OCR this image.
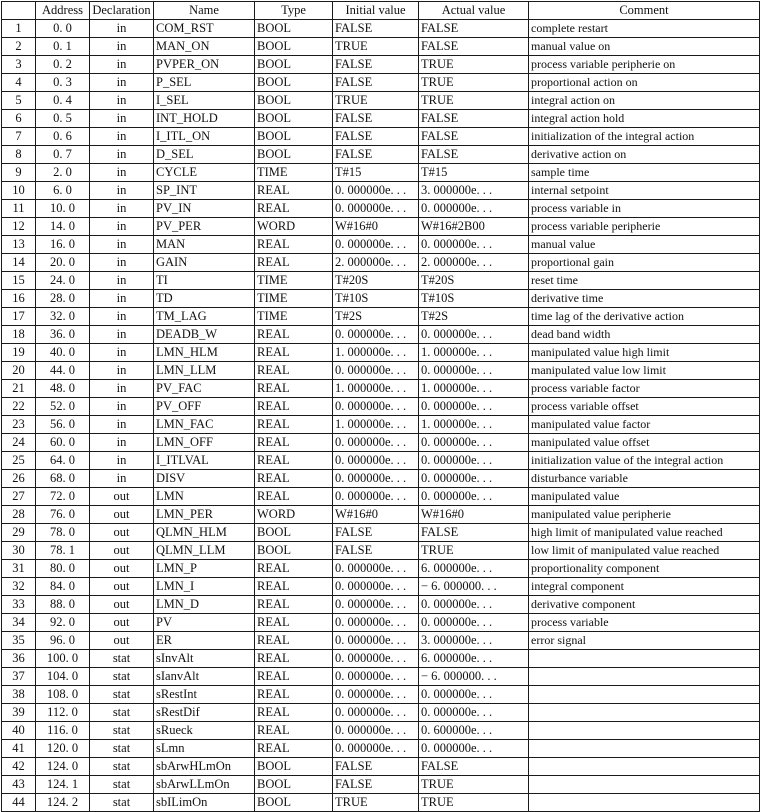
	Address	Declaration	Name	Type	Initial value	Actual value	Comment
1	0. 0	in	COM_RST	BOOL	FALSE	FALSE	complete restart
2	0. 1	in	MAN_ON	BOOL	TRUE	FALSE	manual value on
3	0. 2	in	PVPER_ON	BOOL	FALSE	TRUE	process variable peripherie on
4	0. 3	in	P_SEL	BOOL	FALSE	TRUE	proportional action on
5	0. 4	in	I_SEL	BOOL	TRUE	TRUE	integral action on
6	0. 5	in	INT_HOLD	BOOL	FALSE	FALSE	integral action hold
7	0. 6	in	I_ITL_ON	BOOL	FALSE	FALSE	initialization of the integral action
8	0. 7	in	D_SEL	BOOL	FALSE	FALSE	derivative action on
9	2. 0	in	CYCLE	TIME	T#15	T#15	sample time
10	6. 0	in	SP_INT	REAL	0. 000000e. . .	3. 000000e. . .	internal setpoint
11	10. 0	in	PV_IN	REAL	0. 000000e. . .	0. 000000e. . .	process variable in
12	14. 0	in	PV_PER	WORD	W#16#0	W#16#2B00	process variable peripherie
13	16. 0	in	MAN	REAL	0. 000000e. . .	0. 000000e. . .	manual value
14	20. 0	in	GAIN	REAL	2. 000000e. . .	2. 000000e. . .	proportional gain
15	24. 0	in	TI	TIME	T#20S	T#20S	reset time
16	28. 0	in	TD	TIME	T#10S	T#10S	derivative time
17	32. 0	in	TM_LAG	TIME	T#2S	T#2S	time lag of the derivative action
18	36. 0	in	DEADB_W	REAL	0. 000000e. . .	0. 000000e. . .	dead band width
19	40. 0	in	LMN_HLM	REAL	1. 000000e. . .	1. 000000e. . .	manipulated value high limit
20	44. 0	in	LMN_LLM	REAL	0. 000000e. . .	0. 000000e. . .	manipulated value low limit
21	48. 0	in	PV_FAC	REAL	1. 000000e. . .	1. 000000e. . .	process variable factor
22	52. 0	in	PV_OFF	REAL	0. 000000e. . .	0. 000000e. . .	process variable offset
23	56. 0	in	LMN_FAC	REAL	1. 000000e. . .	1. 000000e. . .	manipulated value factor
24	60. 0	in	LMN_OFF	REAL	0. 000000e. . .	0. 000000e. . .	manipulated value offset
25	64. 0	in	I_ITLVAL	REAL	0. 000000e. . .	0. 000000e. . .	initialization value of the integral action
26	68. 0	in	DISV	REAL	0. 000000e. . .	0. 000000e. . .	disturbance variable
27	72. 0	out	LMN	REAL	0. 000000e. . .	0. 000000e. . .	manipulated value
28	76. 0	out	LMN_PER	WORD	W#16#0	W#16#0	manipulated value peripherie
29	78. 0	out	QLMN_HLM	BOOL	FALSE	FALSE	high limit of manipulated value reached
30	78. 1	out	QLMN_LLM	BOOL	FALSE	TRUE	low limit of manipulated value reached
31	80. 0	out	LMN_P	REAL	0. 000000e. . .	6. 000000e. . .	proportionality component
32	84. 0	out	LMN_I	REAL	0. 000000e. . .	− 6. 000000. . .	integral component
33	88. 0	out	LMN_D	REAL	0. 000000e. . .	0. 000000e. . .	derivative component
34	92. 0	out	PV	REAL	0. 000000e. . .	0. 000000e. . .	process variable
35	96. 0	out	ER	REAL	0. 000000e. . .	3. 000000e. . .	error signal
36	100. 0	stat	sInvAlt	REAL	0. 000000e. . .	6. 000000e. . .	
37	104. 0	stat	sIanvAlt	REAL	0. 000000e. . .	− 6. 000000. . .	
38	108. 0	stat	sRestInt	REAL	0. 000000e. . .	0. 000000e. . .	
39	112. 0	stat	sRestDif	REAL	0. 000000e. . .	0. 000000e. . .	
40	116. 0	stat	sRueck	REAL	0. 000000e. . .	0. 600000e. . .	
41	120. 0	stat	sLmn	REAL	0. 000000e. . .	0. 000000e. . .	
42	124. 0	stat	sbArwHLmOn	BOOL	FALSE	FALSE	
43	124. 1	stat	sbArwLLmOn	BOOL	FALSE	TRUE	
44	124. 2	stat	sbILimOn	BOOL	TRUE	TRUE	
